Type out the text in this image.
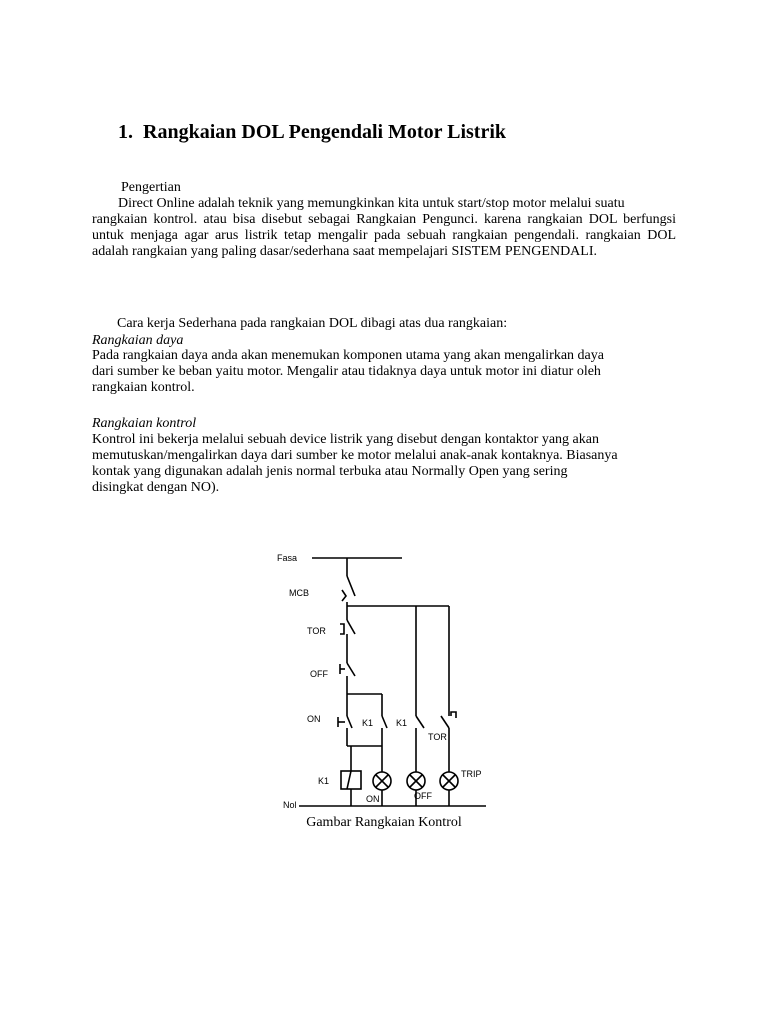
1. Rangkaian DOL Pengendali Motor Listrik
Pengertian

Direct Online adalah teknik yang memungkinkan kita untuk start/stop motor melalui suatu
rangkaian kontrol. atau bisa disebut sebagai Rangkaian Pengunci. karena rangkaian DOL berfungsi untuk menjaga agar arus listrik tetap mengalir pada sebuah rangkaian pengendali. rangkaian DOL adalah rangkaian yang paling dasar/sederhana saat mempelajari SISTEM PENGENDALI.

Cara kerja Sederhana pada rangkaian DOL dibagi atas dua rangkaian:

Rangkaian daya

Pada rangkaian daya anda akan menemukan komponen utama yang akan mengalirkan daya
dari sumber ke beban yaitu motor. Mengalir atau tidaknya daya untuk motor ini diatur oleh
rangkaian kontrol.

Rangkaian kontrol

Kontrol ini bekerja melalui sebuah device listrik yang disebut dengan kontaktor yang akan
memutuskan/mengalirkan daya dari sumber ke motor melalui anak-anak kontaknya. Biasanya
kontak yang digunakan adalah jenis normal terbuka atau Normally Open yang sering
disingkat dengan NO).

Fasa
MCB
TOR
OFF
ON	K1	K1
TOR
K1
TRIP
ON	OFF
Nol
Gambar Rangkaian Kontrol
